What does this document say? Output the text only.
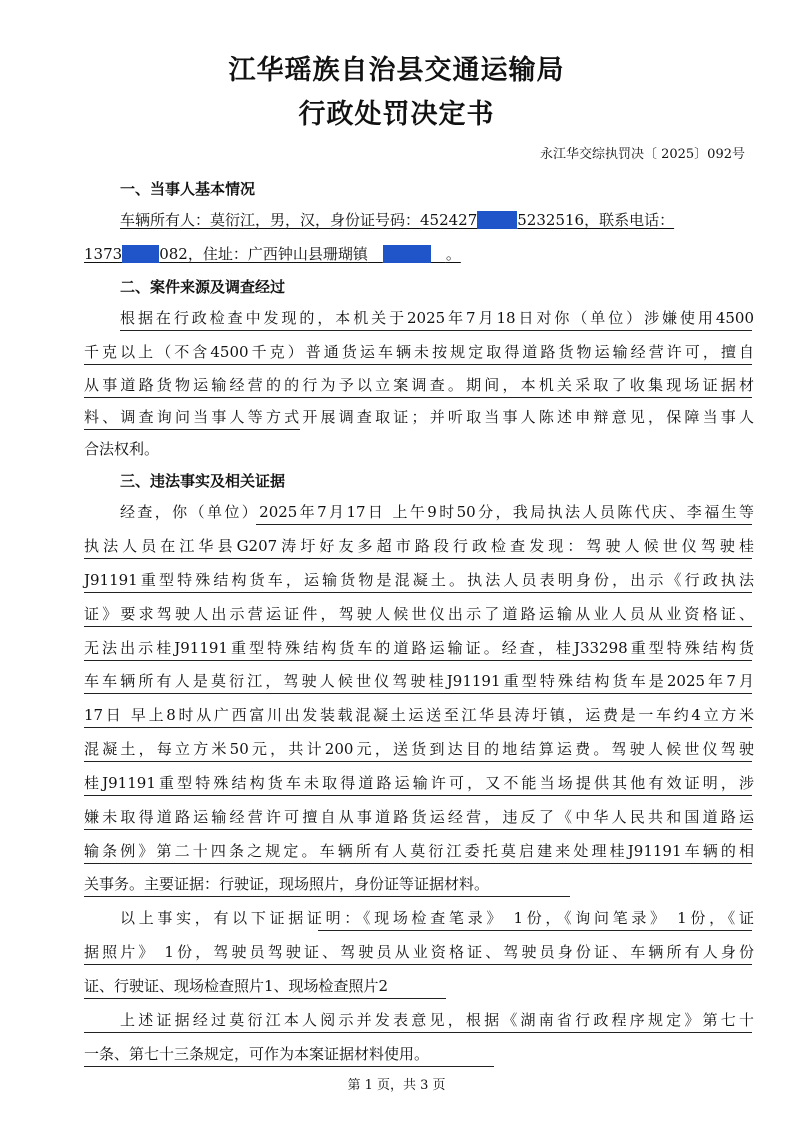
江华瑶族自治县交通运输局
行政处罚决定书
永江华交综执罚决〔 2025〕092号
一、当事人基本情况
车辆所有人：莫衍江，男，汉，身份证号码：452427	5232516，联系电话：
1373 082，住址：广西钟山县珊瑚镇  	。
二、案件来源及调查经过
根据在行政检查中发现的，本机关于2025年7月18日对你（单位）涉嫌使用4500
千克以上（不含4500千克）普通货运车辆未按规定取得道路货物运输经营许可，擅自
从事道路货物运输经营的的行为予以立案调查。期间，本机关采取了收集现场证据材
料、调查询问当事人等方式开展调查取证；并听取当事人陈述申辩意见，保障当事人
合法权利。
三、违法事实及相关证据
经查，你（单位）2025年7月17日 上午9时50分，我局执法人员陈代庆、李福生等
执法人员在江华县G207涛圩好友多超市路段行政检查发现：驾驶人候世仪驾驶桂
J91191重型特殊结构货车，运输货物是混凝土。执法人员表明身份，出示《行政执法
证》要求驾驶人出示营运证件，驾驶人候世仪出示了道路运输从业人员从业资格证、
无法出示桂J91191重型特殊结构货车的道路运输证。经查，桂J33298重型特殊结构货
车车辆所有人是莫衍江，驾驶人候世仪驾驶桂J91191重型特殊结构货车是2025年7月
17日 早上8时从广西富川出发装载混凝土运送至江华县涛圩镇，运费是一车约4立方米
混凝土，每立方米50元，共计200元，送货到达目的地结算运费。驾驶人候世仪驾驶
桂J91191重型特殊结构货车未取得道路运输许可，又不能当场提供其他有效证明，涉
嫌未取得道路运输经营许可擅自从事道路货运经营，违反了《中华人民共和国道路运
输条例》第二十四条之规定。车辆所有人莫衍江委托莫启建来处理桂J91191车辆的相
关事务。主要证据：行驶证，现场照片，身份证等证据材料。
以上事实，有以下证据证明：《现场检查笔录》 1份，《询问笔录》 1份，《证
据照片》 1份，驾驶员驾驶证、驾驶员从业资格证、驾驶员身份证、车辆所有人身份
证、行驶证、现场检查照片1、现场检查照片2
上述证据经过莫衍江本人阅示并发表意见，根据《湖南省行政程序规定》第七十
一条、第七十三条规定，可作为本案证据材料使用。
第 1 页，共 3 页
